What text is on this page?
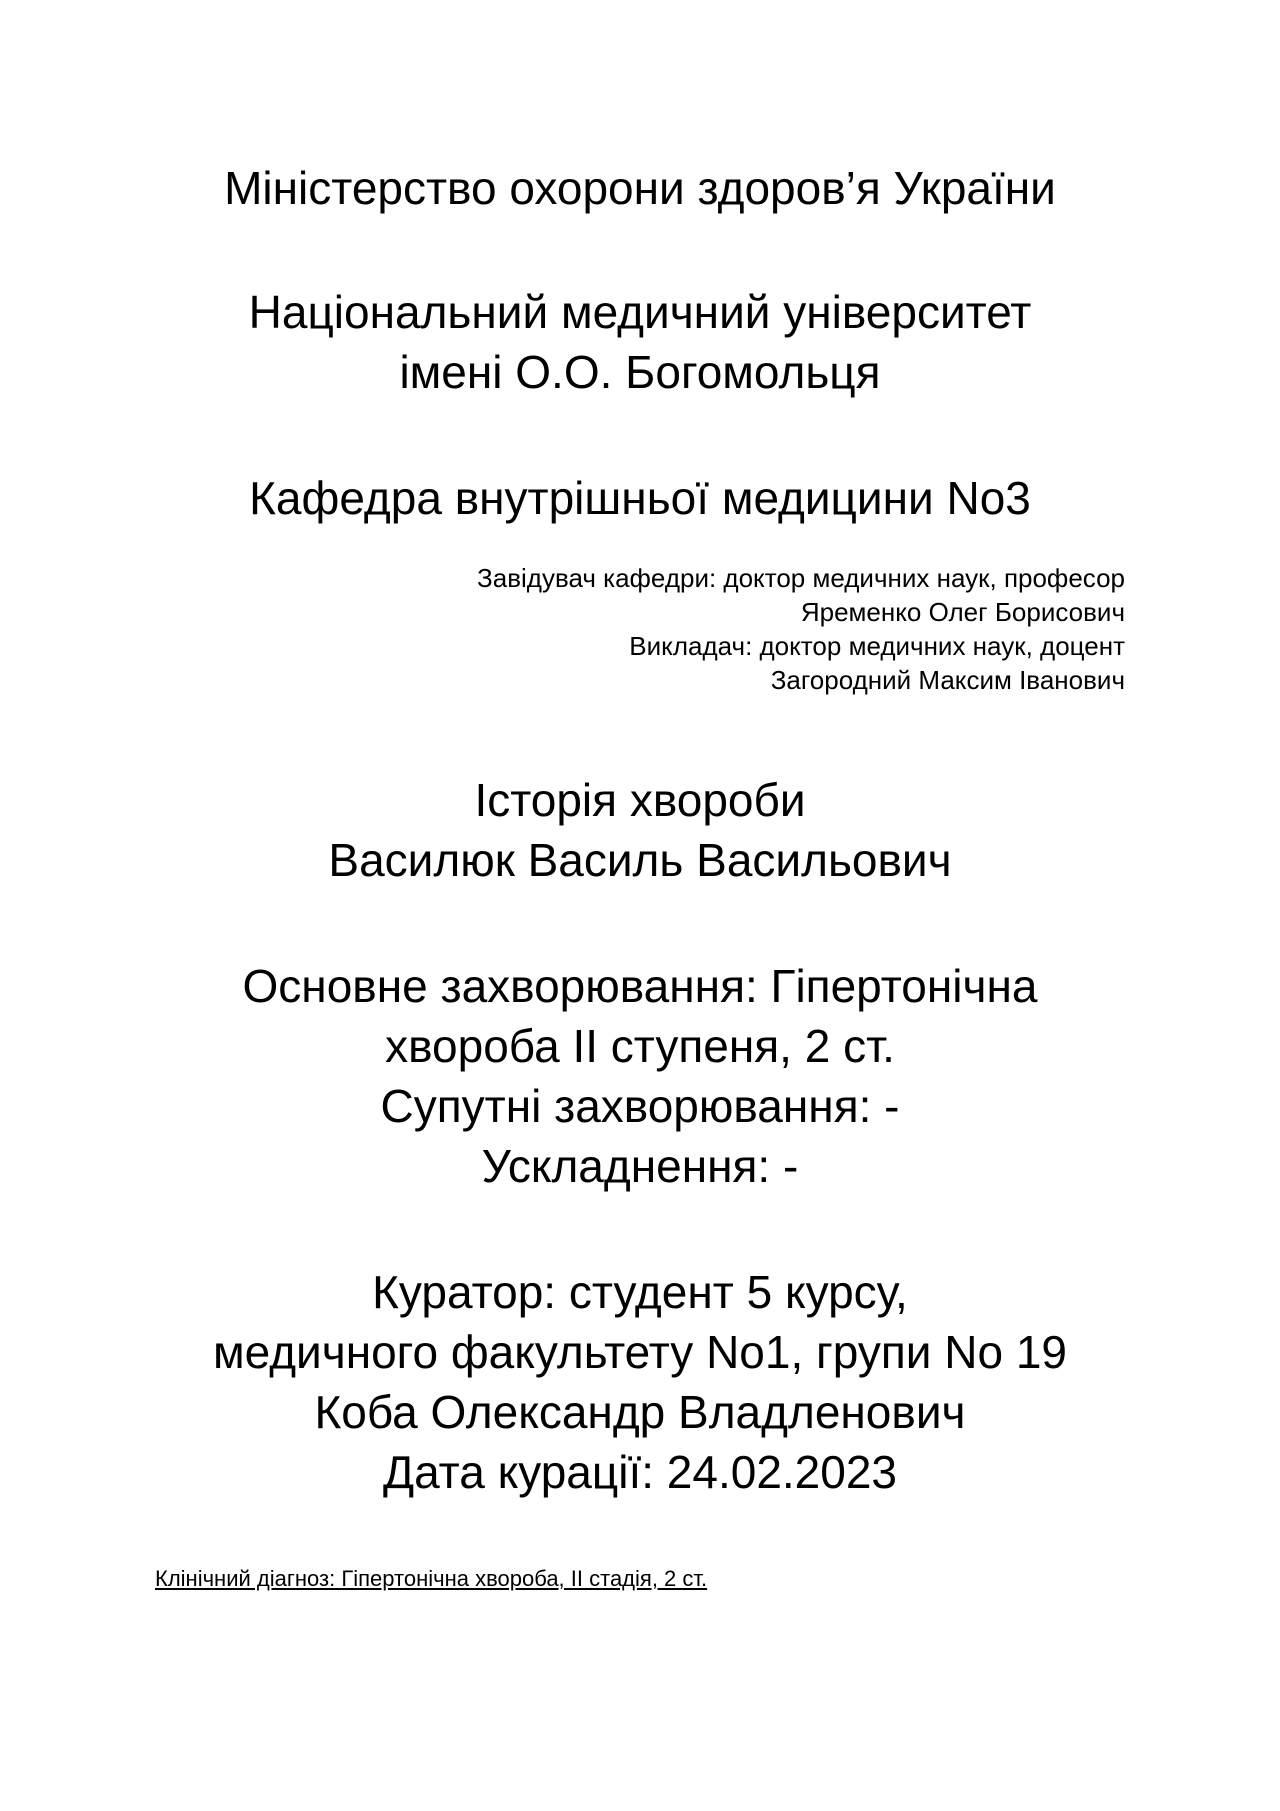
Міністерство охорони здоров’я України
Національний медичний університет
імені О.О. Богомольця
Кафедра внутрішньої медицини No3
Завідувач кафедри: доктор медичних наук, професор
Яременко Олег Борисович
Викладач: доктор медичних наук, доцент
Загородний Максим Іванович
Історія хвороби
Василюк Василь Васильович
Основне захворювання: Гіпертонічна
хвороба ІІ ступеня, 2 ст.
Супутні захворювання: -
Ускладнення: -
Куратор: студент 5 курсу,
медичного факультету No1, групи No 19
Коба Олександр Владленович
Дата курації: 24.02.2023
Клінічний діагноз: Гіпертонічна хвороба, ІІ стадія, 2 ст.
